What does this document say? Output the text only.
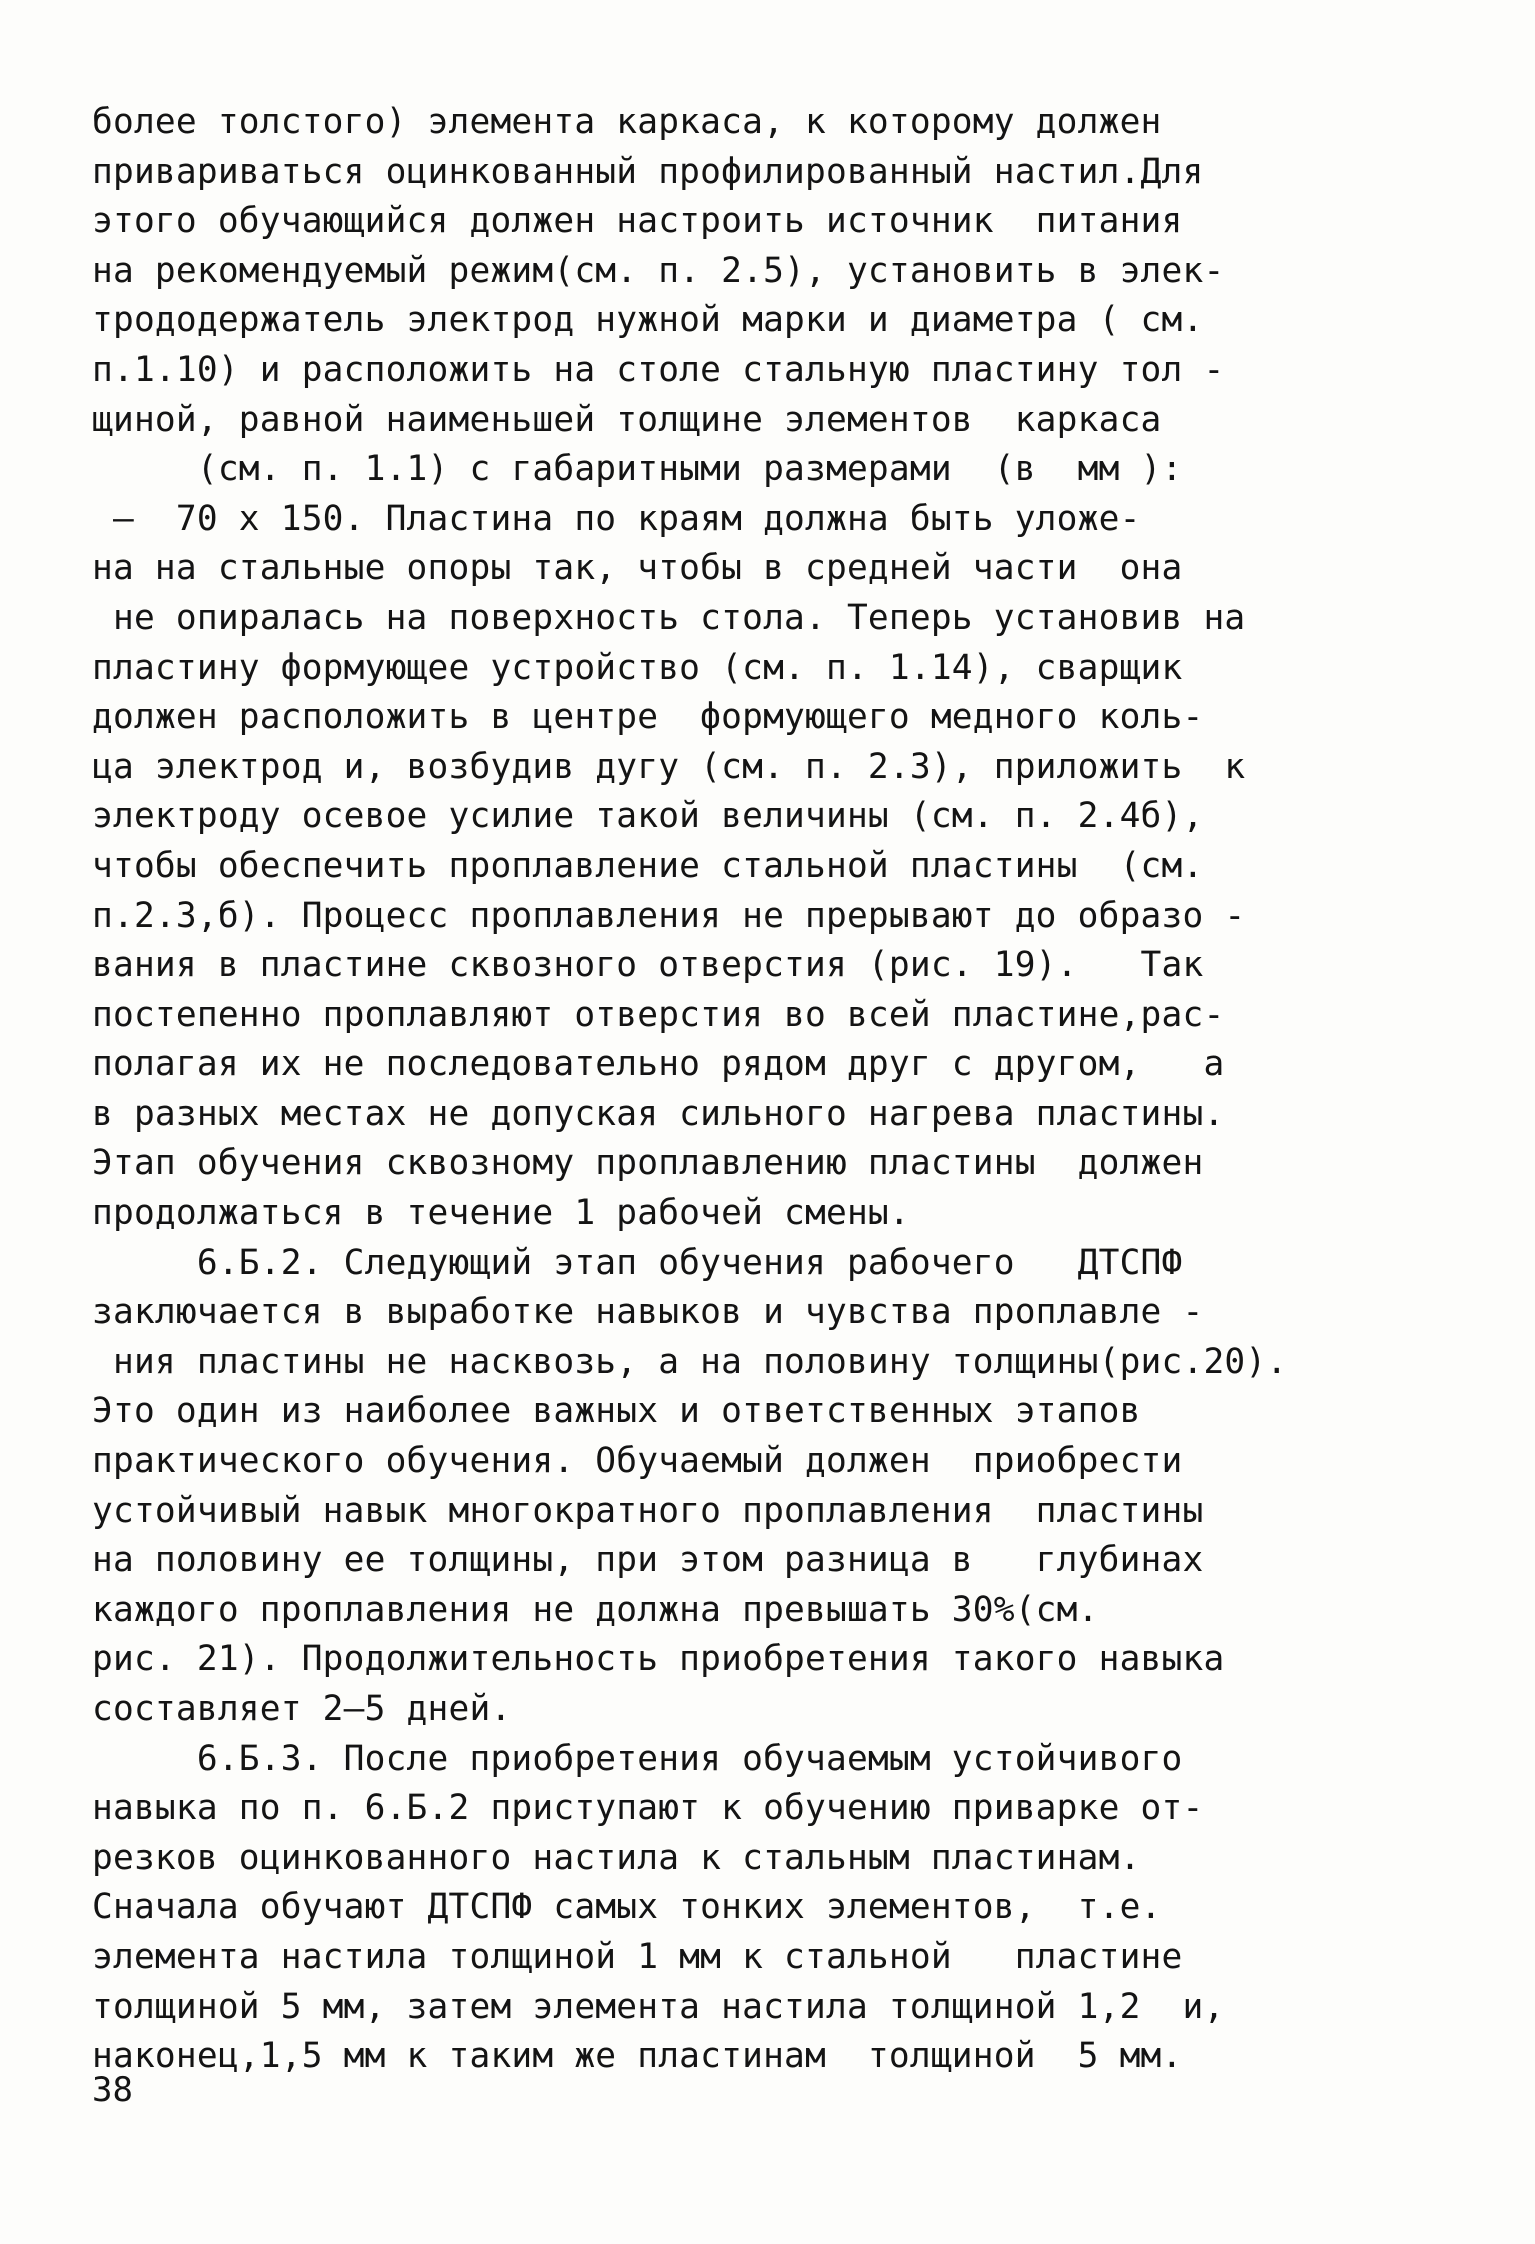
более толстого) элемента каркаса, к которому должен
привариваться оцинкованный профилированный настил.Для
этого обучающийся должен настроить источник  питания
на рекомендуемый режим(см. п. 2.5), установить в элек-
трододержатель электрод нужной марки и диаметра ( см.
п.1.10) и расположить на столе стальную пластину тол -
щиной, равной наименьшей толщине элементов  каркаса
(см. п. 1.1) с габаритными размерами  (в  мм ):
—  70 х 150. Пластина по краям должна быть уложе-
на на стальные опоры так, чтобы в средней части  она
не опиралась на поверхность стола. Теперь установив на
пластину формующее устройство (см. п. 1.14), сварщик
должен расположить в центре  формующего медного коль-
ца электрод и, возбудив дугу (см. п. 2.3), приложить  к
электроду осевое усилие такой величины (см. п. 2.4б),
чтобы обеспечить проплавление стальной пластины  (см.
п.2.3,б). Процесс проплавления не прерывают до образо -
вания в пластине сквозного отверстия (рис. 19).   Так
постепенно проплавляют отверстия во всей пластине,рас-
полагая их не последовательно рядом друг с другом,   а
в разных местах не допуская сильного нагрева пластины.
Этап обучения сквозному проплавлению пластины  должен
продолжаться в течение 1 рабочей смены.
6.Б.2. Следующий этап обучения рабочего   ДТСПФ
заключается в выработке навыков и чувства проплавле -
ния пластины не насквозь, а на половину толщины(рис.20).
Это один из наиболее важных и ответственных этапов
практического обучения. Обучаемый должен  приобрести
устойчивый навык многократного проплавления  пластины
на половину ее толщины, при этом разница в   глубинах
каждого проплавления не должна превышать 30%(см.
рис. 21). Продолжительность приобретения такого навыка
составляет 2–5 дней.
6.Б.3. После приобретения обучаемым устойчивого
навыка по п. 6.Б.2 приступают к обучению приварке от-
резков оцинкованного настила к стальным пластинам.
Сначала обучают ДТСПФ самых тонких элементов,  т.е.
элемента настила толщиной 1 мм к стальной   пластине
толщиной 5 мм, затем элемента настила толщиной 1,2  и,
наконец,1,5 мм к таким же пластинам  толщиной  5 мм.
38
